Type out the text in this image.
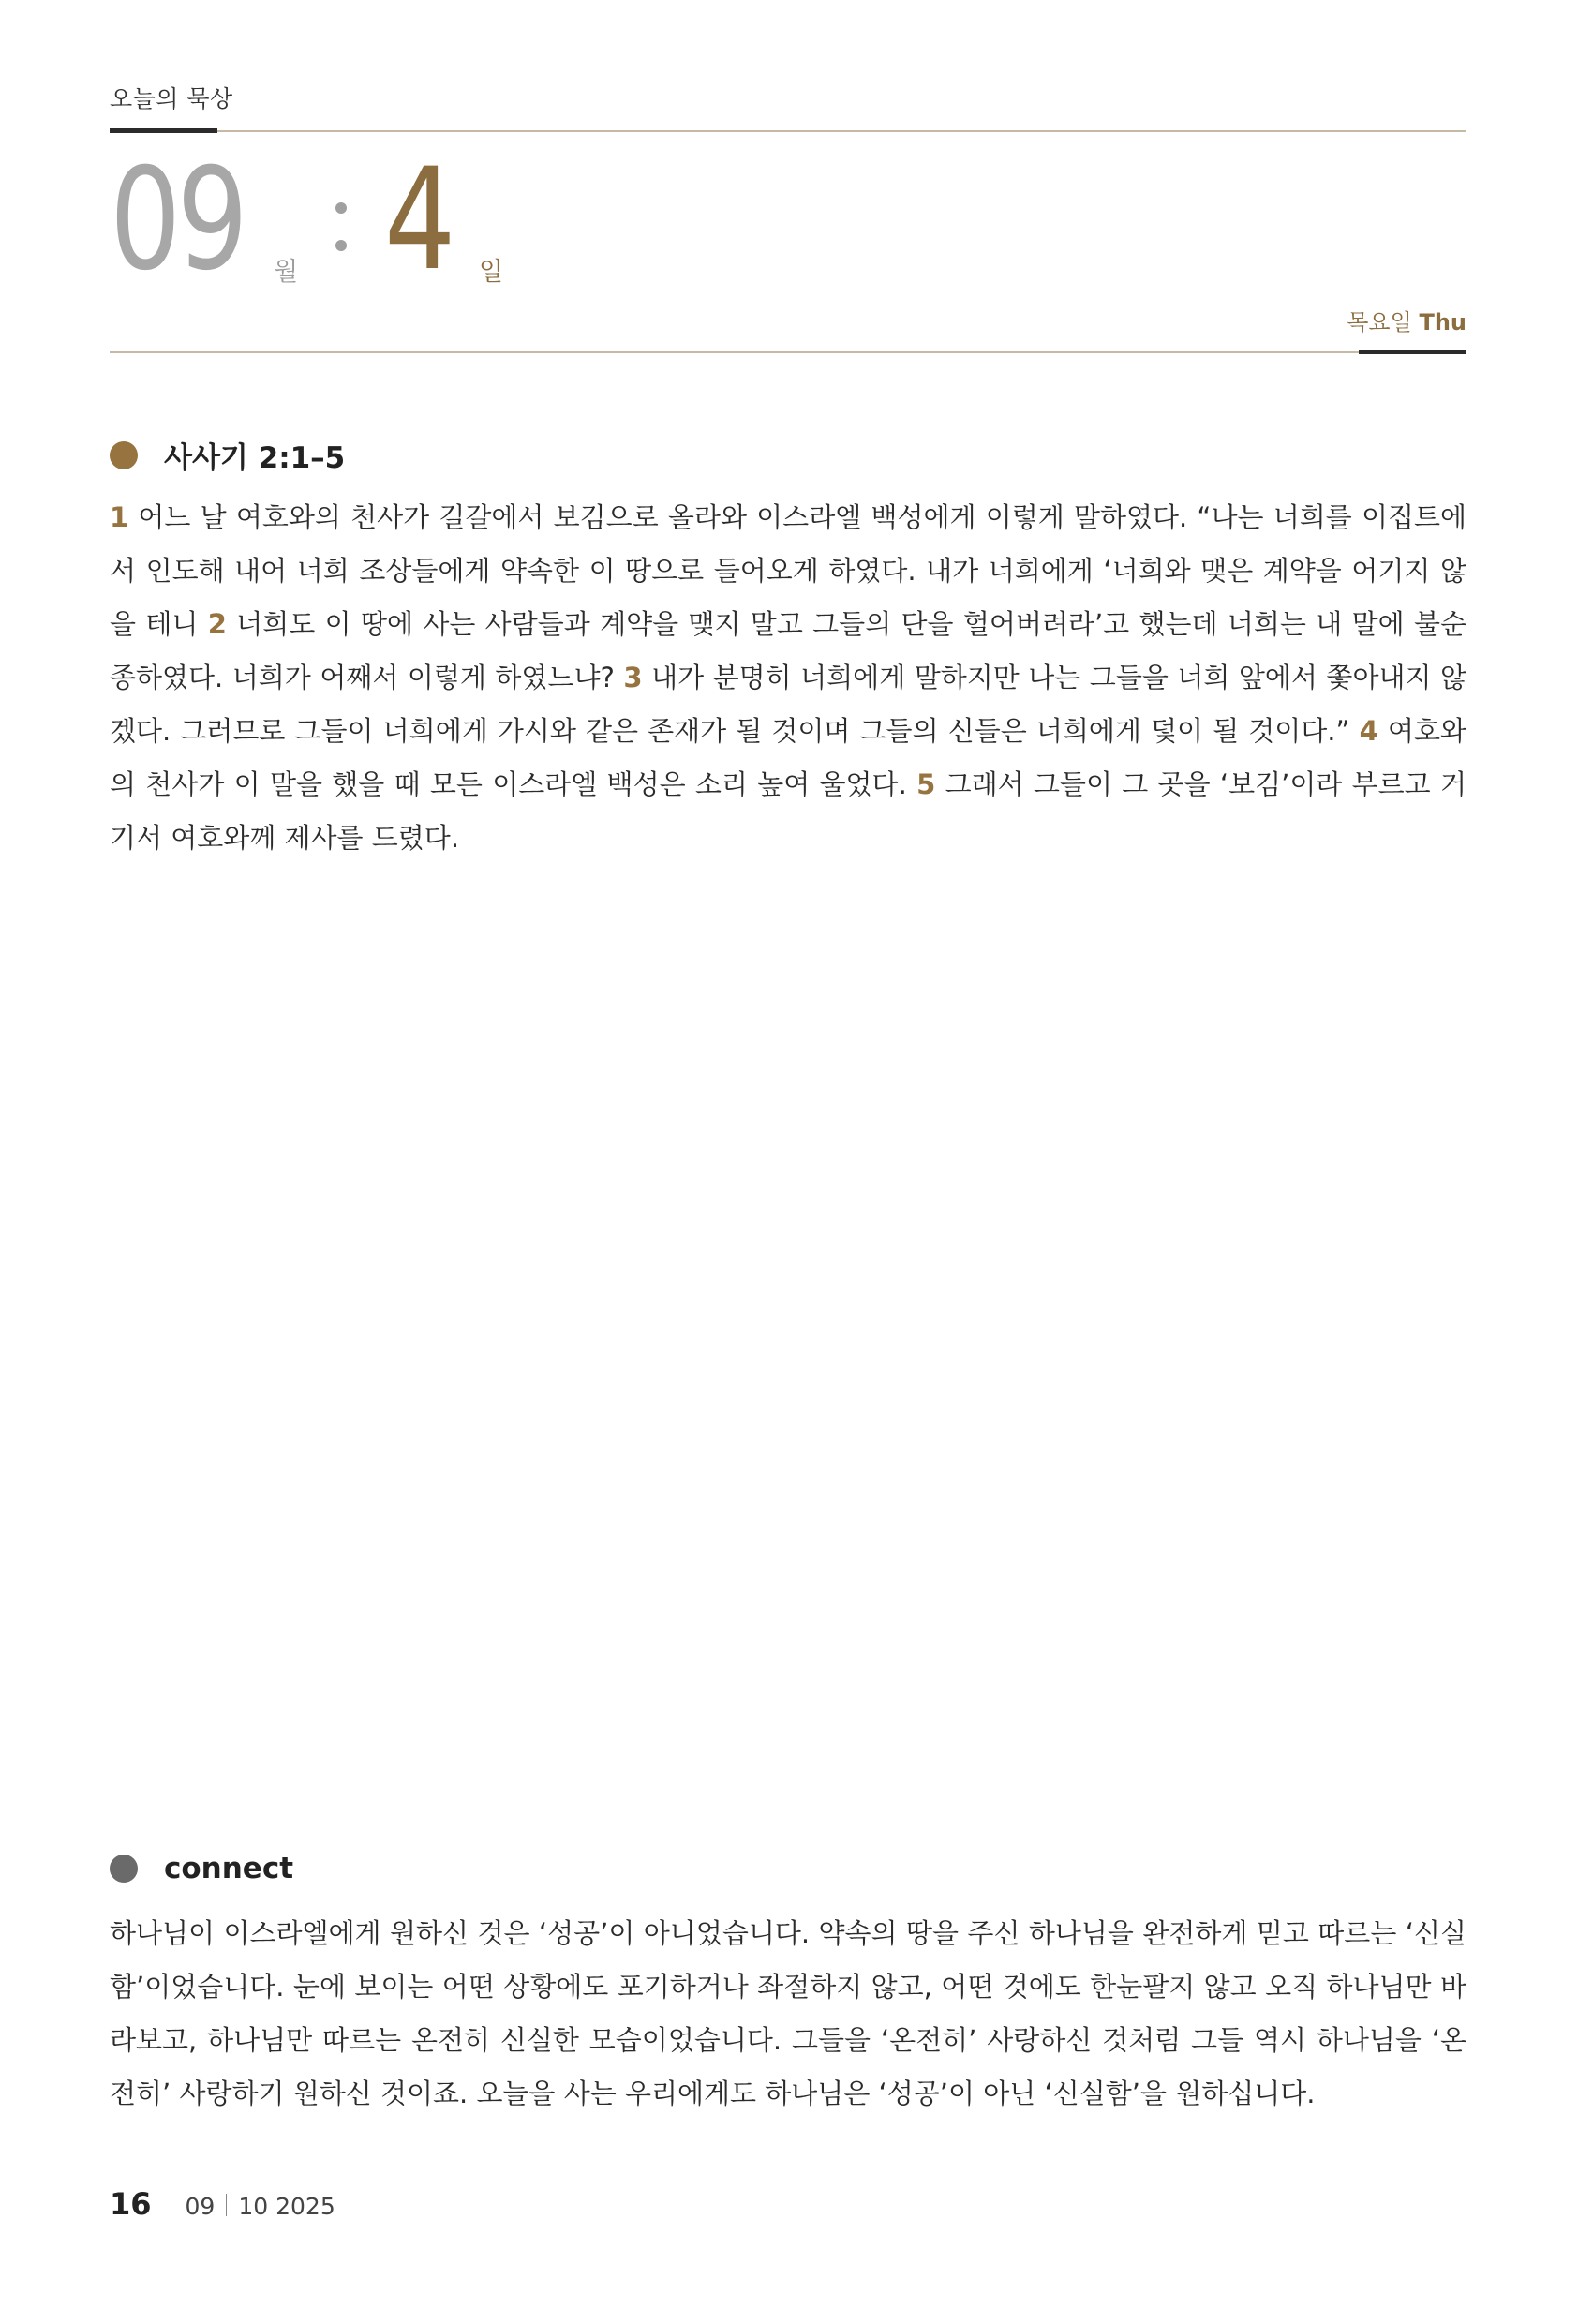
오늘의 묵상
09 월 4 일
목요일 Thu
사사기 2:1–5
1 어느 날 여호와의 천사가 길갈에서 보김으로 올라와 이스라엘 백성에게 이렇게 말하였다. “나는 너희를 이집트에서 인도해 내어 너희 조상들에게 약속한 이 땅으로 들어오게 하였다. 내가 너희에게 ‘너희와 맺은 계약을 어기지 않을 테니 2 너희도 이 땅에 사는 사람들과 계약을 맺지 말고 그들의 단을 헐어버려라’고 했는데 너희는 내 말에 불순종하였다. 너희가 어째서 이렇게 하였느냐? 3 내가 분명히 너희에게 말하지만 나는 그들을 너희 앞에서 쫓아내지 않겠다. 그러므로 그들이 너희에게 가시와 같은 존재가 될 것이며 그들의 신들은 너희에게 덫이 될 것이다.” 4 여호와의 천사가 이 말을 했을 때 모든 이스라엘 백성은 소리 높여 울었다. 5 그래서 그들이 그 곳을 ‘보김’이라 부르고 거기서 여호와께 제사를 드렸다.
connect
하나님이 이스라엘에게 원하신 것은 ‘성공’이 아니었습니다. 약속의 땅을 주신 하나님을 완전하게 믿고 따르는 ‘신실함’이었습니다. 눈에 보이는 어떤 상황에도 포기하거나 좌절하지 않고, 어떤 것에도 한눈팔지 않고 오직 하나님만 바라보고, 하나님만 따르는 온전히 신실한 모습이었습니다. 그들을 ‘온전히’ 사랑하신 것처럼 그들 역시 하나님을 ‘온전히’ 사랑하기 원하신 것이죠. 오늘을 사는 우리에게도 하나님은 ‘성공’이 아닌 ‘신실함’을 원하십니다.
16 09 10 2025
